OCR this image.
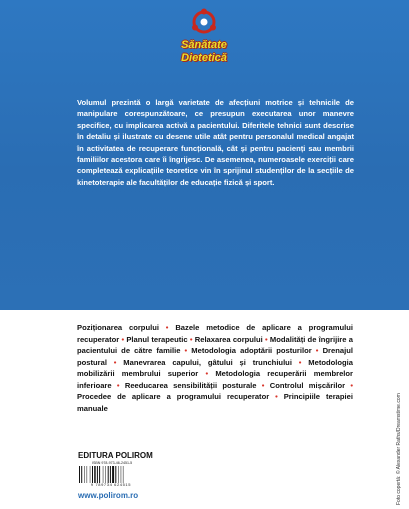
Sănătate
Dietetică

Volumul prezintă o largă varietate de afecțiuni motrice și tehnicile de manipulare corespunzătoare, ce presupun executarea unor manevre specifice, cu implicarea activă a pacientului. Diferitele tehnici sunt descrise în detaliu și ilustrate cu desene utile atât pentru personalul medical angajat în activitatea de recuperare funcțională, cât și pentru pacienți sau membrii familiilor acestora care îi îngrijesc. De asemenea, numeroasele exerciții care completează explicațiile teoretice vin în sprijinul studenților de la secțiile de kinetoterapie ale facultăților de educație fizică și sport.

Poziționarea corpului • Bazele metodice de aplicare a programului recuperator • Planul terapeutic • Relaxarea corpului • Modalități de îngrijire a pacientului de către familie • Metodologia adoptării posturilor • Drenajul postural • Manevrarea capului, gâtului și trunchiului • Metodologia mobilizării membrului superior • Metodologia recuperării membrelor inferioare • Reeducarea sensibilității posturale • Controlul mișcărilor • Procedee de aplicare a programului recuperator • Principiile terapiei manuale

EDITURA POLIROM
ISBN 978-973-46-2451-5
9 789734 624515
www.polirom.ro	Foto copertă: © Alexander Raths/Dreamstime.com
